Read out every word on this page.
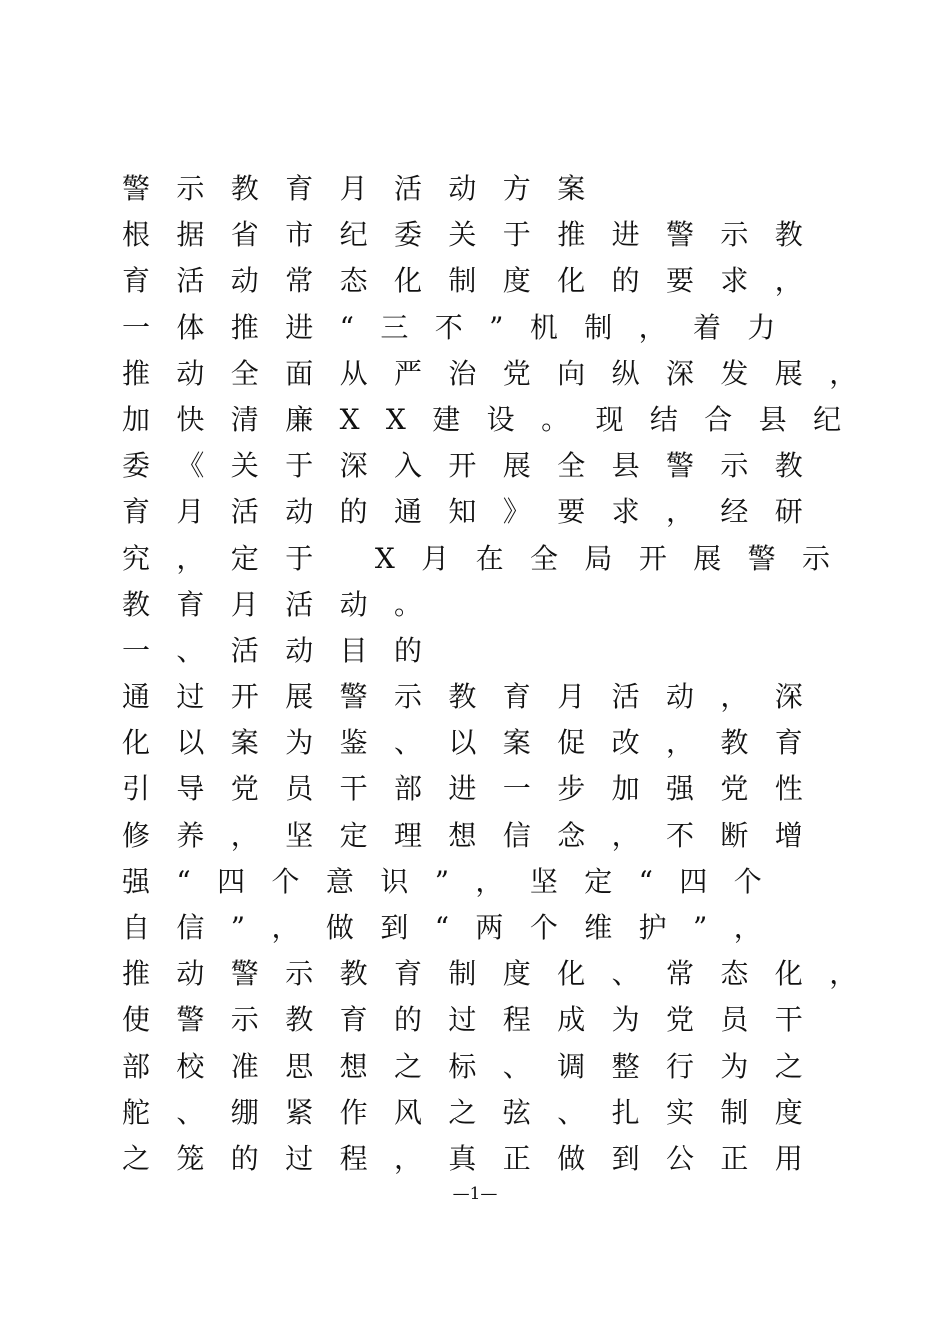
警示教育月活动方案
根据省市纪委关于推进警示教
育活动常态化制度化的要求，
一体推进“三不”机制，着力
推动全面从严治党向纵深发展，
加快清廉XX建设。现结合县纪
委《关于深入开展全县警示教
育月活动的通知》要求，经研
究，定于 X月在全局开展警示
教育月活动。
一、活动目的
通过开展警示教育月活动，深
化以案为鉴、以案促改，教育
引导党员干部进一步加强党性
修养，坚定理想信念，不断增
强“四个意识”，坚定“四个
自信”，做到“两个维护”，
推动警示教育制度化、常态化，
使警示教育的过程成为党员干
部校准思想之标、调整行为之
舵、绷紧作风之弦、扎实制度
之笼的过程，真正做到公正用
—1—
